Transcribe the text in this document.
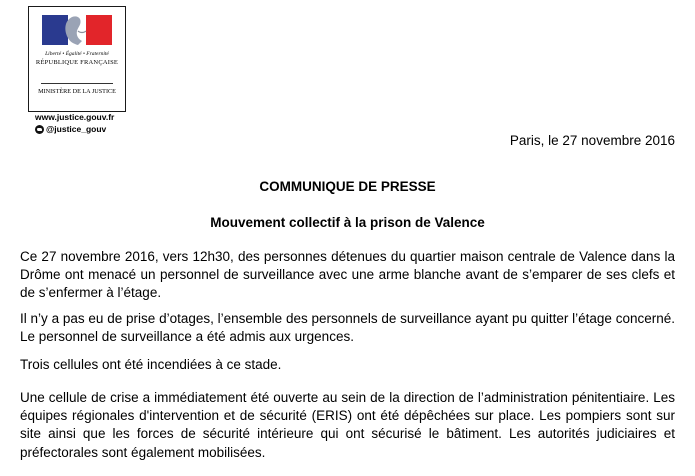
Liberté • Égalité • Fraternité
RÉPUBLIQUE FRANÇAISE
MINISTÈRE DE LA JUSTICE
www.justice.gouv.fr
@justice_gouv
Paris, le 27 novembre 2016
COMMUNIQUE DE PRESSE
Mouvement collectif à la prison de Valence

Ce 27 novembre 2016, vers 12h30, des personnes détenues du quartier maison centrale de Valence dans la Drôme ont menacé un personnel de surveillance avec une arme blanche avant de s’emparer de ses clefs et de s’enfermer à l’étage.

Il n’y a pas eu de prise d’otages, l’ensemble des personnels de surveillance ayant pu quitter l’étage concerné. Le personnel de surveillance a été admis aux urgences.

Trois cellules ont été incendiées à ce stade.

Une cellule de crise a immédiatement été ouverte au sein de la direction de l’administration pénitentiaire. Les équipes régionales d'intervention et de sécurité (ERIS) ont été dépêchées sur place. Les pompiers sont sur site ainsi que les forces de sécurité intérieure qui ont sécurisé le bâtiment. Les autorités judiciaires et préfectorales sont également mobilisées.
